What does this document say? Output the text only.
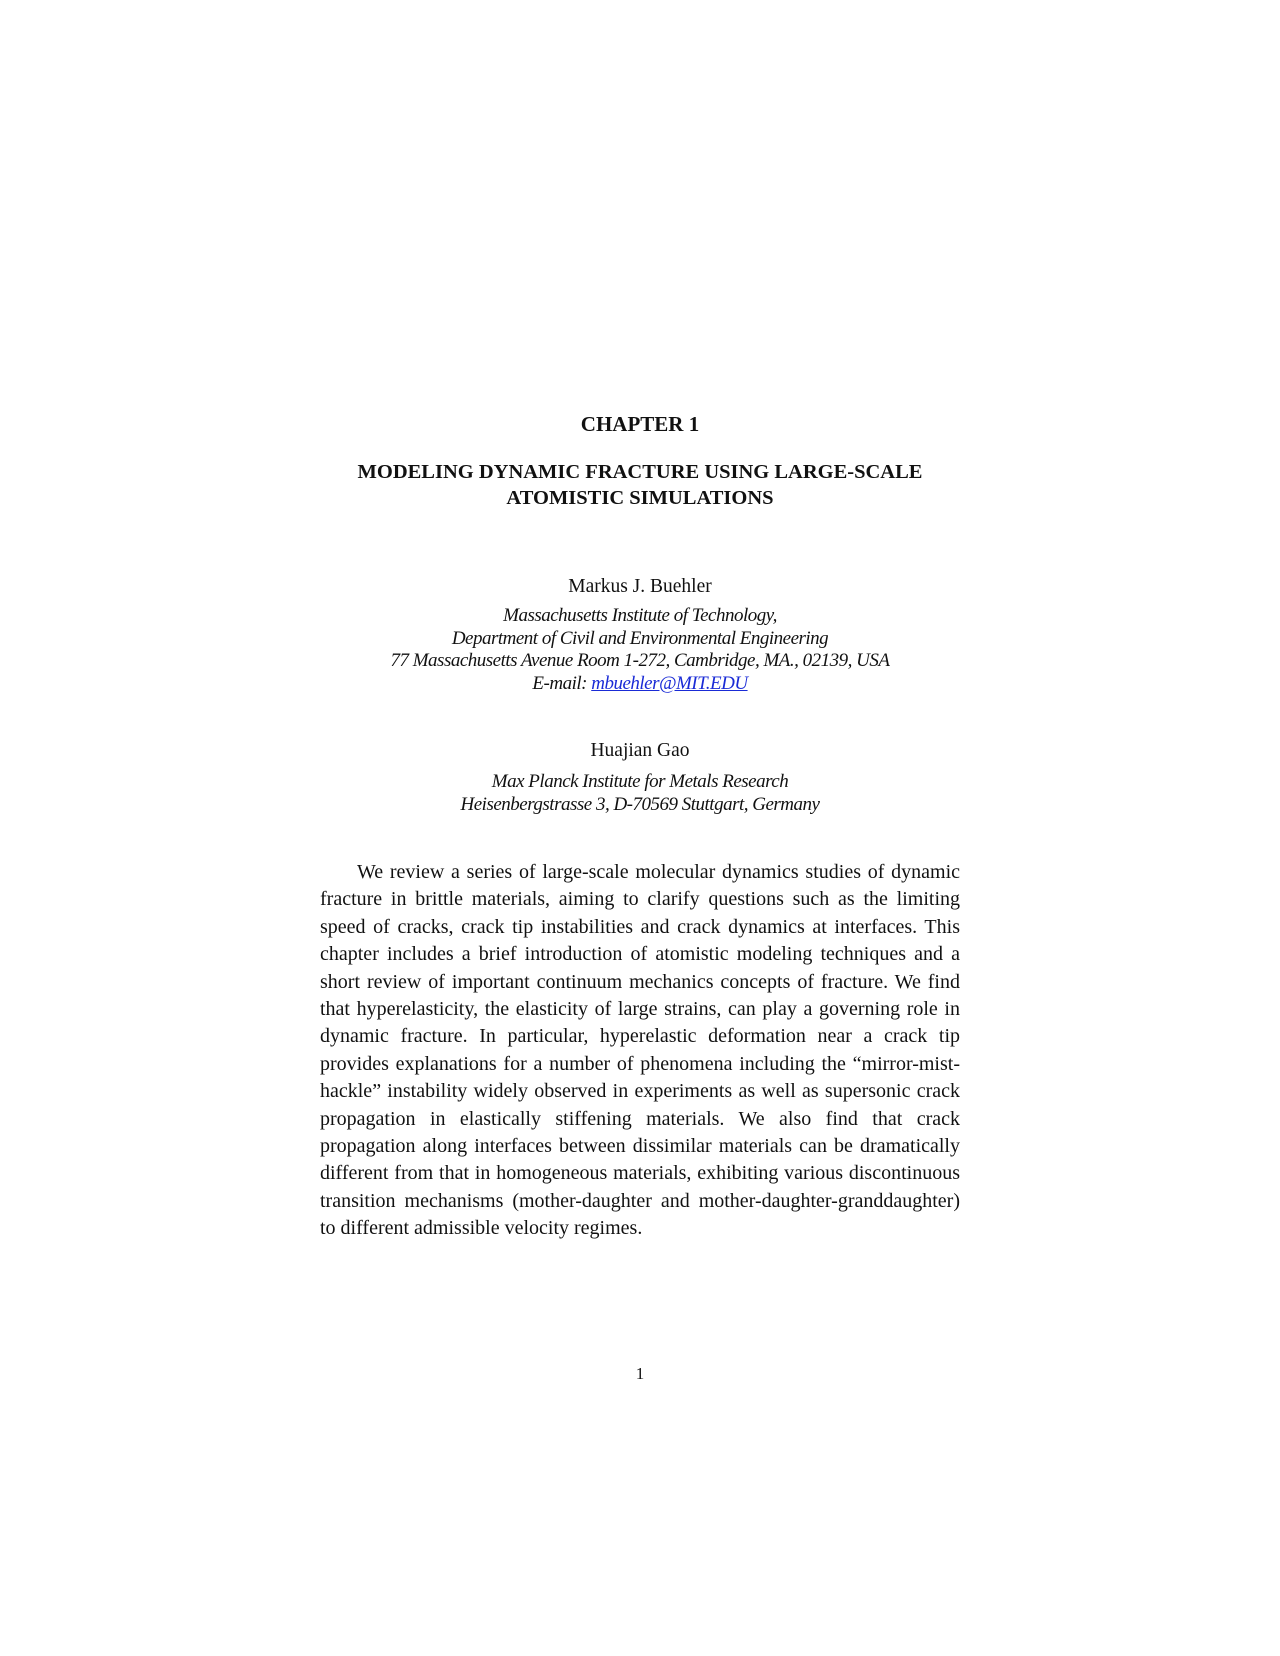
CHAPTER 1
MODELING DYNAMIC FRACTURE USING LARGE-SCALE
ATOMISTIC SIMULATIONS
Markus J. Buehler
Massachusetts Institute of Technology,
Department of Civil and Environmental Engineering
77 Massachusetts Avenue Room 1-272, Cambridge, MA., 02139, USA
E-mail: mbuehler@MIT.EDU
Huajian Gao
Max Planck Institute for Metals Research
Heisenbergstrasse 3, D-70569 Stuttgart, Germany

We review a series of large-scale molecular dynamics studies of dynamic fracture in brittle materials, aiming to clarify questions such as the limiting speed of cracks, crack tip instabilities and crack dynamics at interfaces. This chapter includes a brief introduction of atomistic modeling techniques and a short review of important continuum mechanics concepts of fracture. We find that hyperelasticity, the elasticity of large strains, can play a governing role in dynamic fracture. In particular, hyperelastic deformation near a crack tip provides explanations for a number of phenomena including the “mirror-mist-hackle” instability widely observed in experiments as well as supersonic crack propagation in elastically stiffening materials. We also find that crack propagation along interfaces between dissimilar materials can be dramatically different from that in homogeneous materials, exhibiting various discontinuous transition mechanisms (mother-daughter and mother-daughter-granddaughter) to different admissible velocity regimes.

1
